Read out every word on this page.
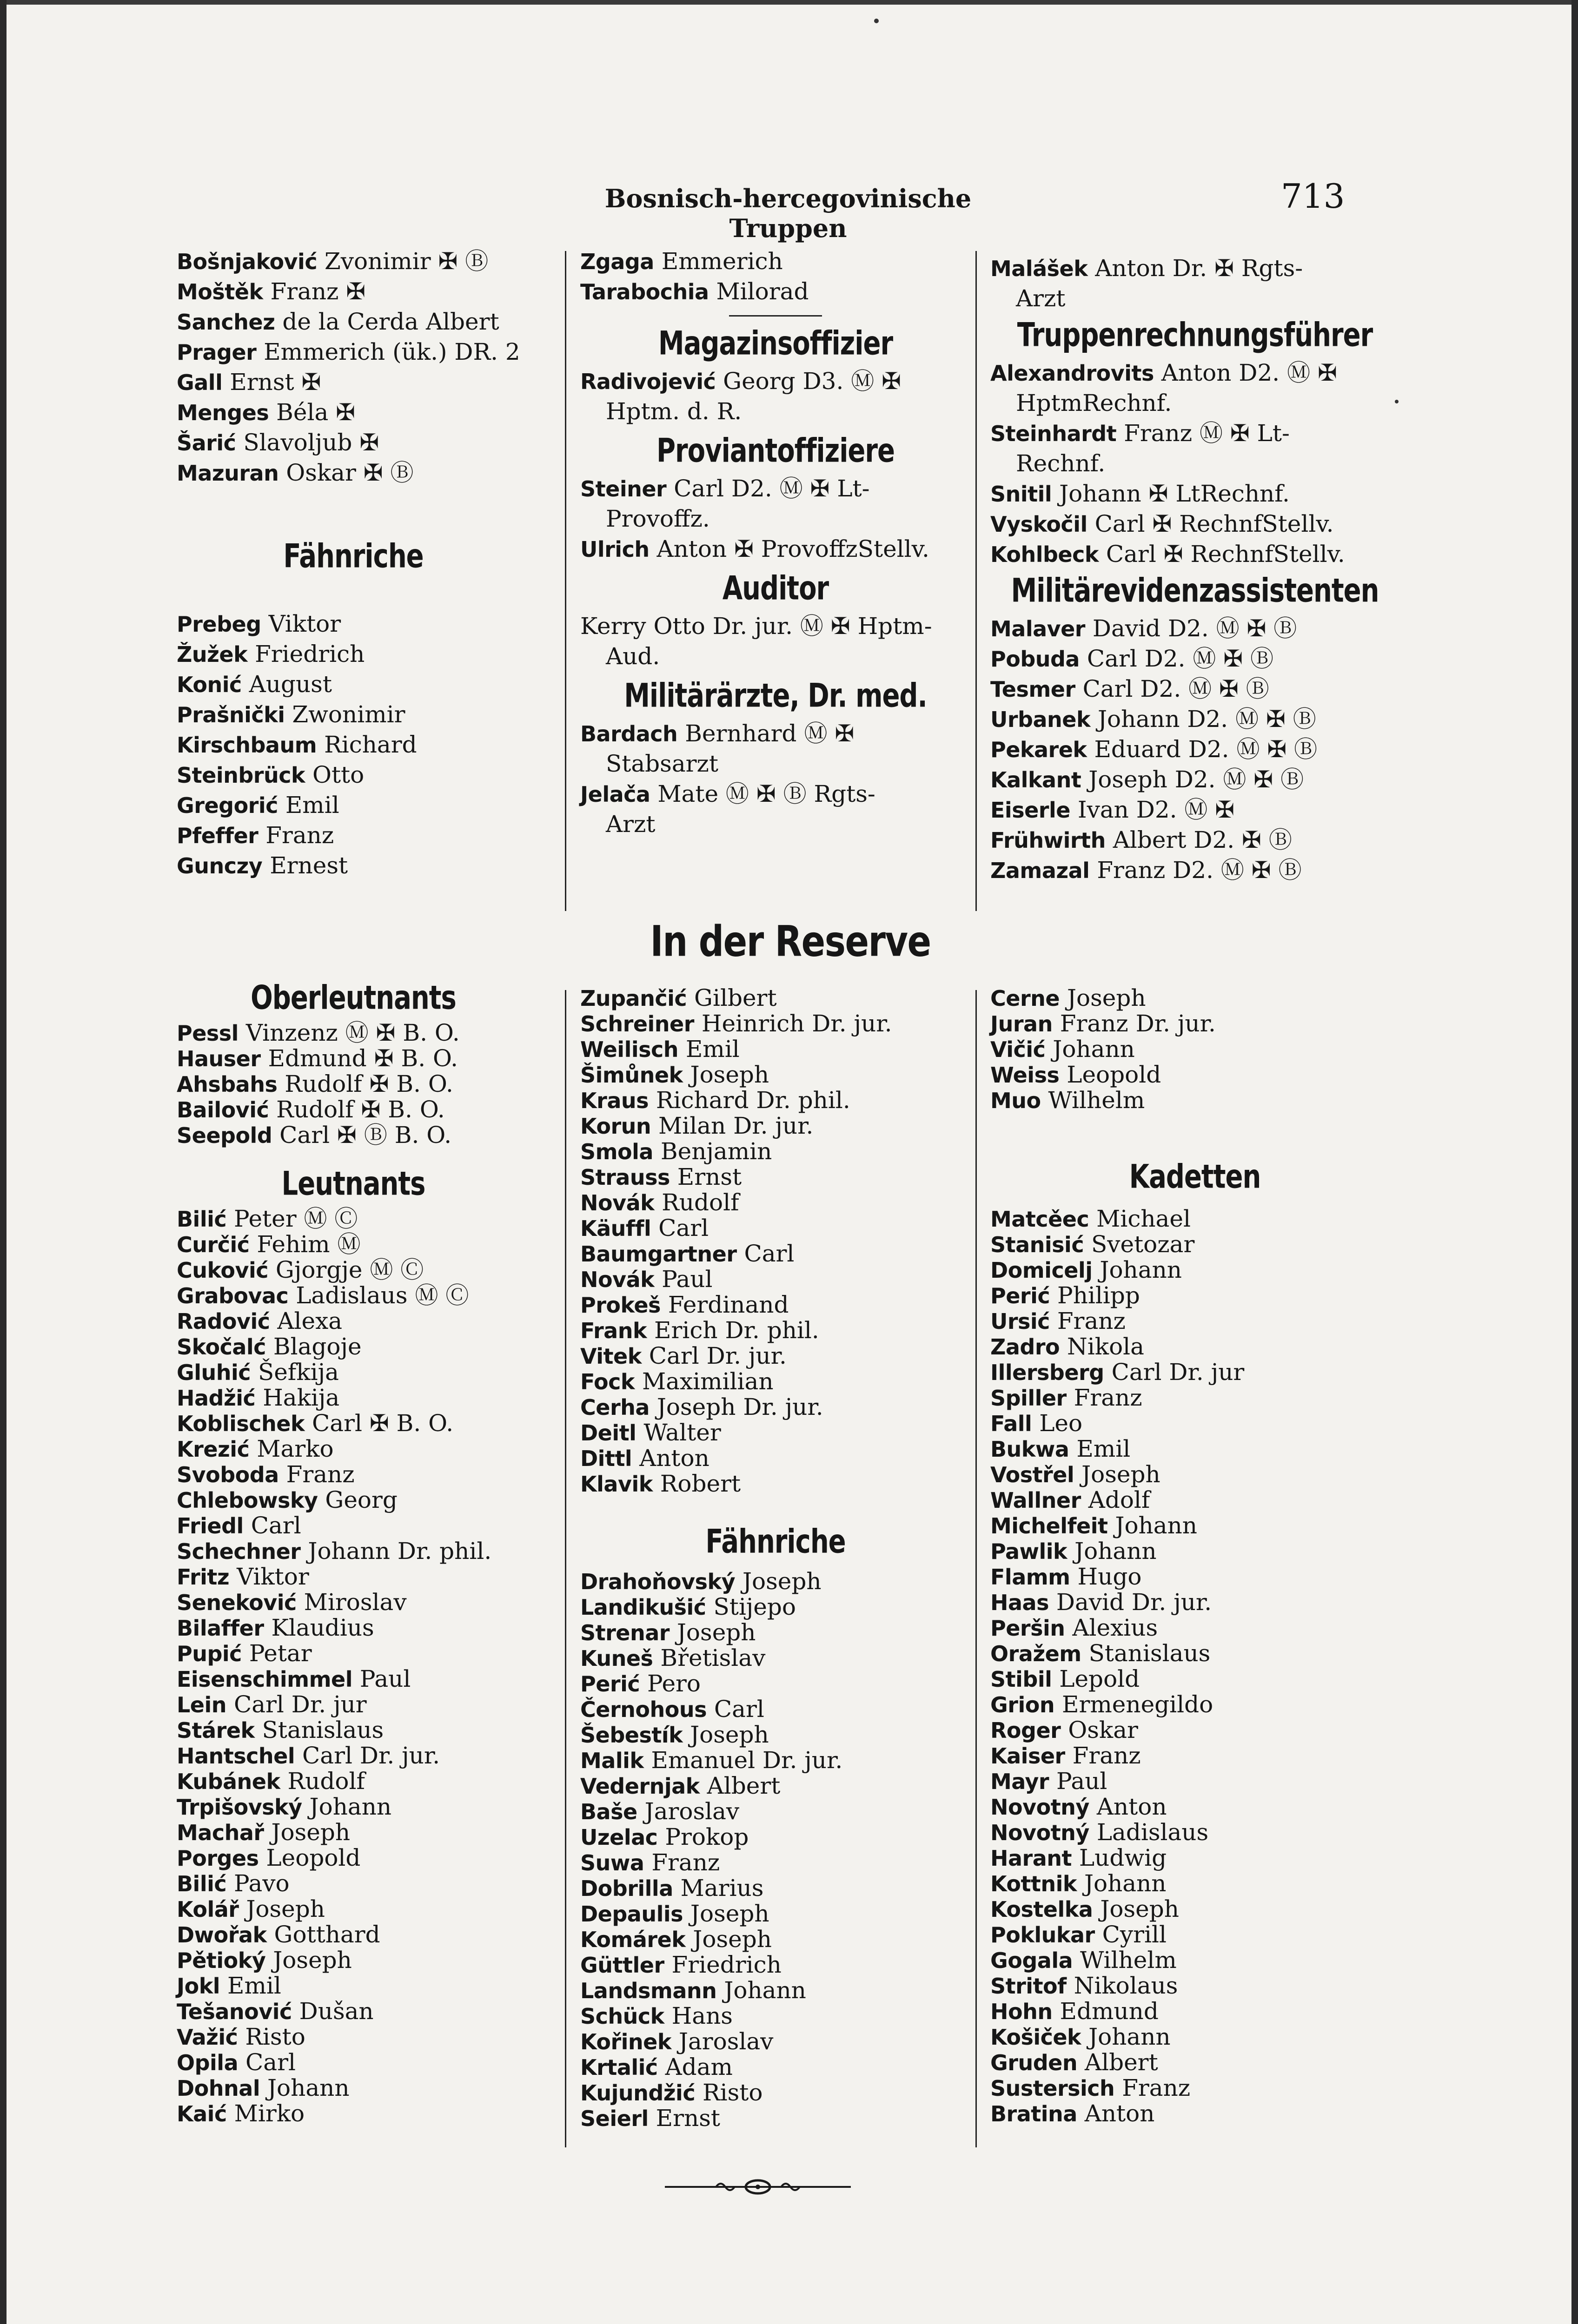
Bosnisch-hercegovinische Truppen
713
Bošnjaković Zvonimir ✠ Ⓑ
Moštěk Franz ✠
Sanchez de la Cerda Albert
Prager Emmerich (ük.) DR. 2
Gall Ernst ✠
Menges Béla ✠
Šarić Slavoljub ✠
Mazuran Oskar ✠ Ⓑ
Fähnriche
Prebeg Viktor
Žužek Friedrich
Konić August
Prašnički Zwonimir
Kirschbaum Richard
Steinbrück Otto
Gregorić Emil
Pfeffer Franz
Gunczy Ernest
Oberleutnants
Pessl Vinzenz Ⓜ ✠ B. O.
Hauser Edmund ✠ B. O.
Ahsbahs Rudolf ✠ B. O.
Bailović Rudolf ✠ B. O.
Seepold Carl ✠ Ⓑ B. O.
Leutnants
Bilić Peter Ⓜ Ⓒ
Curčić Fehim Ⓜ
Cuković Gjorgje Ⓜ Ⓒ
Grabovac Ladislaus Ⓜ Ⓒ
Radović Alexa
Skočalć Blagoje
Gluhić Šefkija
Hadžić Hakija
Koblischek Carl ✠ B. O.
Krezić Marko
Svoboda Franz
Chlebowsky Georg
Friedl Carl
Schechner Johann Dr. phil.
Fritz Viktor
Seneković Miroslav
Bilaffer Klaudius
Pupić Petar
Eisenschimmel Paul
Lein Carl Dr. jur
Stárek Stanislaus
Hantschel Carl Dr. jur.
Kubánek Rudolf
Trpišovský Johann
Machař Joseph
Porges Leopold
Bilić Pavo
Kolář Joseph
Dwořak Gotthard
Pětioký Joseph
Jokl Emil
Tešanović Dušan
Važić Risto
Opila Carl
Dohnal Johann
Kaić Mirko
Zgaga Emmerich
Tarabochia Milorad
Magazinsoffizier
Radivojević Georg D3. Ⓜ ✠
Hptm. d. R.
Proviantoffiziere
Steiner Carl D2. Ⓜ ✠ Lt-
Provoffz.
Ulrich Anton ✠ ProvoffzStellv.
Auditor
Kerry Otto Dr. jur. Ⓜ ✠ Hptm-
Aud.
Militärärzte, Dr. med.
Bardach Bernhard Ⓜ ✠
Stabsarzt
Jelača Mate Ⓜ ✠ Ⓑ Rgts-
Arzt
In der Reserve
Zupančić Gilbert
Schreiner Heinrich Dr. jur.
Weilisch Emil
Šimůnek Joseph
Kraus Richard Dr. phil.
Korun Milan Dr. jur.
Smola Benjamin
Strauss Ernst
Novák Rudolf
Käuffl Carl
Baumgartner Carl
Novák Paul
Prokeš Ferdinand
Frank Erich Dr. phil.
Vitek Carl Dr. jur.
Fock Maximilian
Cerha Joseph Dr. jur.
Deitl Walter
Dittl Anton
Klavik Robert
Fähnriche
Drahoňovský Joseph
Landikušić Stijepo
Strenar Joseph
Kuneš Břetislav
Perić Pero
Černohous Carl
Šebestík Joseph
Malik Emanuel Dr. jur.
Vedernjak Albert
Baše Jaroslav
Uzelac Prokop
Suwa Franz
Dobrilla Marius
Depaulis Joseph
Komárek Joseph
Güttler Friedrich
Landsmann Johann
Schück Hans
Kořinek Jaroslav
Krtalić Adam
Kujundžić Risto
Seierl Ernst
Malášek Anton Dr. ✠ Rgts-
Arzt
Truppenrechnungsführer
Alexandrovits Anton D2. Ⓜ ✠
HptmRechnf.
Steinhardt Franz Ⓜ ✠ Lt-
Rechnf.
Snitil Johann ✠ LtRechnf.
Vyskočil Carl ✠ RechnfStellv.
Kohlbeck Carl ✠ RechnfStellv.
Militärevidenzassistenten
Malaver David D2. Ⓜ ✠ Ⓑ
Pobuda Carl D2. Ⓜ ✠ Ⓑ
Tesmer Carl D2. Ⓜ ✠ Ⓑ
Urbanek Johann D2. Ⓜ ✠ Ⓑ
Pekarek Eduard D2. Ⓜ ✠ Ⓑ
Kalkant Joseph D2. Ⓜ ✠ Ⓑ
Eiserle Ivan D2. Ⓜ ✠
Frühwirth Albert D2. ✠ Ⓑ
Zamazal Franz D2. Ⓜ ✠ Ⓑ
Cerne Joseph
Juran Franz Dr. jur.
Vičić Johann
Weiss Leopold
Muo Wilhelm
Kadetten
Matcěec Michael
Stanisić Svetozar
Domicelj Johann
Perić Philipp
Ursić Franz
Zadro Nikola
Illersberg Carl Dr. jur
Spiller Franz
Fall Leo
Bukwa Emil
Vostřel Joseph
Wallner Adolf
Michelfeit Johann
Pawlik Johann
Flamm Hugo
Haas David Dr. jur.
Peršin Alexius
Oražem Stanislaus
Stibil Lepold
Grion Ermenegildo
Roger Oskar
Kaiser Franz
Mayr Paul
Novotný Anton
Novotný Ladislaus
Harant Ludwig
Kottnik Johann
Kostelka Joseph
Poklukar Cyrill
Gogala Wilhelm
Stritof Nikolaus
Hohn Edmund
Košiček Johann
Gruden Albert
Sustersich Franz
Bratina Anton
